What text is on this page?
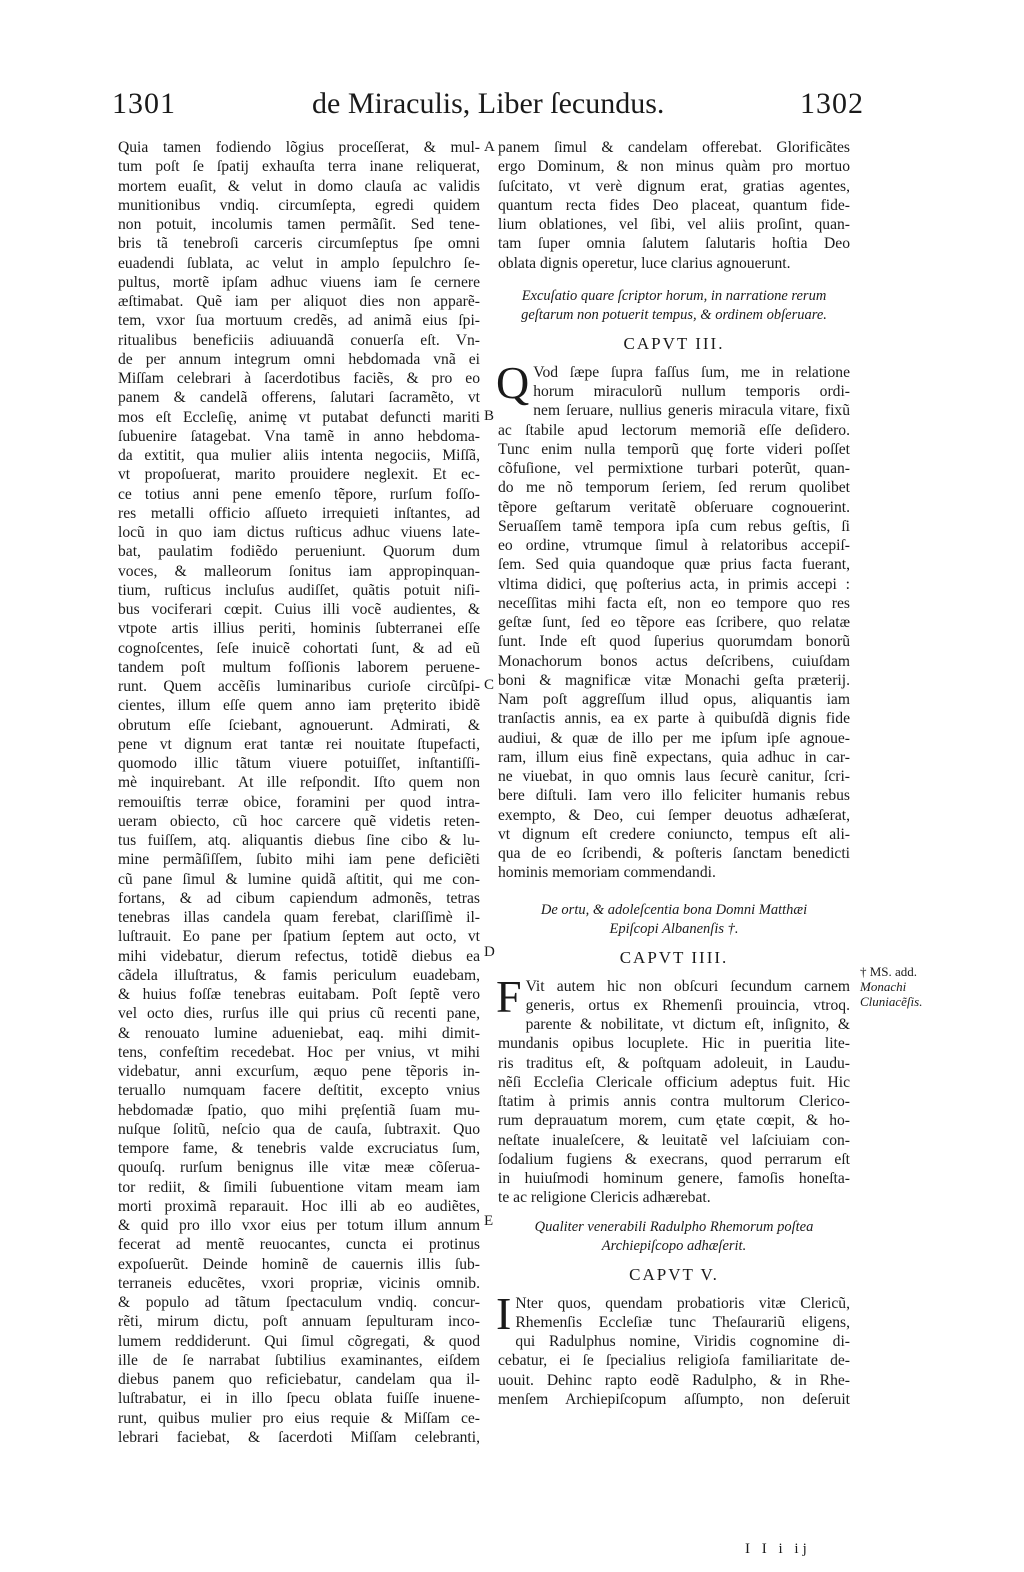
1301	de Miraculis, Liber ſecundus.	1302
A
B
C
D
E
Quia tamen fodiendo lõgius proceſſerat, & mul-
tum poſt ſe ſpatij exhauſta terra inane reliquerat,
mortem euaſit, & velut in domo clauſa ac validis
munitionibus vndiq. circumſepta, egredi quidem
non potuit, incolumis tamen permãſit. Sed tene-
bris tã tenebroſi carceris circumſeptus ſpe omni
euadendi ſublata, ac velut in amplo ſepulchro ſe-
pultus, mortẽ ipſam adhuc viuens iam ſe cernere
æſtimabat. Quẽ iam per aliquot dies non apparẽ-
tem, vxor ſua mortuum credẽs, ad animã eius ſpi-
ritualibus beneficiis adiuuandã conuerſa eſt. Vn-
de per annum integrum omni hebdomada vnã ei
Miſſam celebrari à ſacerdotibus faciẽs, & pro eo
panem & candelã offerens, ſalutari ſacramẽto, vt
mos eſt Eccleſię, animę vt putabat defuncti mariti
ſubuenire ſatagebat. Vna tamẽ in anno hebdoma-
da extitit, qua mulier aliis intenta negociis, Miſſã,
vt propoſuerat, marito prouidere neglexit. Et ec-
ce totius anni pene emenſo tẽpore, rurſum foſſo-
res metalli officio aſſueto irrequieti inſtantes, ad
locũ in quo iam dictus ruſticus adhuc viuens late-
bat, paulatim fodiẽdo perueniunt. Quorum dum
voces, & malleorum ſonitus iam appropinquan-
tium, ruſticus incluſus audiſſet, quãtis potuit niſi-
bus vociferari cœpit. Cuius illi vocẽ audientes, &
vtpote artis illius periti, hominis ſubterranei eſſe
cognoſcentes, ſeſe inuicẽ cohortati ſunt, & ad eũ
tandem poſt multum foſſionis laborem peruene-
runt. Quem accẽſis luminaribus curioſe circũſpi-
cientes, illum eſſe quem anno iam pręterito ibidẽ
obrutum eſſe ſciebant, agnouerunt. Admirati, &
pene vt dignum erat tantæ rei nouitate ſtupefacti,
quomodo illic tãtum viuere potuiſſet, inſtantiſſi-
mè inquirebant. At ille reſpondit. Iſto quem non
remouiſtis terræ obice, foramini per quod intra-
ueram obiecto, cũ hoc carcere quẽ videtis reten-
tus fuiſſem, atq. aliquantis diebus ſine cibo & lu-
mine permãſiſſem, ſubito mihi iam pene deficiẽti
cũ pane ſimul & lumine quidã aſtitit, qui me con-
fortans, & ad cibum capiendum admonẽs, tetras
tenebras illas candela quam ferebat, clariſſimè il-
luſtrauit. Eo pane per ſpatium ſeptem aut octo, vt
mihi videbatur, dierum refectus, totidẽ diebus ea
cãdela illuſtratus, & famis periculum euadebam,
& huius foſſæ tenebras euitabam. Poſt ſeptẽ vero
vel octo dies, rurſus ille qui prius cũ recenti pane,
& renouato lumine adueniebat, eaq. mihi dimit-
tens, confeſtim recedebat. Hoc per vnius, vt mihi
videbatur, anni excurſum, æquo pene tẽporis in-
teruallo numquam facere deſtitit, excepto vnius
hebdomadæ ſpatio, quo mihi pręſentiã ſuam mu-
nuſque ſolitũ, neſcio qua de cauſa, ſubtraxit. Quo
tempore fame, & tenebris valde excruciatus ſum,
quouſq. rurſum benignus ille vitæ meæ cõſerua-
tor rediit, & ſimili ſubuentione vitam meam iam
morti proximã reparauit. Hoc illi ab eo audiẽtes,
& quid pro illo vxor eius per totum illum annum
fecerat ad mentẽ reuocantes, cuncta ei protinus
expoſuerũt. Deinde hominẽ de cauernis illis ſub-
terraneis educẽtes, vxori propriæ, vicinis omnib.
& populo ad tãtum ſpectaculum vndiq. concur-
rẽti, mirum dictu, poſt annuam ſepulturam inco-
lumem reddiderunt. Qui ſimul cõgregati, & quod
ille de ſe narrabat ſubtilius examinantes, eiſdem
diebus panem quo reficiebatur, candelam qua il-
luſtrabatur, ei in illo ſpecu oblata fuiſſe inuene-
runt, quibus mulier pro eius requie & Miſſam ce-
lebrari faciebat, & ſacerdoti Miſſam celebranti,
panem ſimul & candelam offerebat. Glorificãtes
ergo Dominum, & non minus quàm pro mortuo
ſuſcitato, vt verè dignum erat, gratias agentes,
quantum recta fides Deo placeat, quantum fide-
lium oblationes, vel ſibi, vel aliis proſint, quan-
tam ſuper omnia ſalutem ſalutaris hoſtia Deo
oblata dignis operetur, luce clarius agnouerunt.
Excuſatio quare ſcriptor horum, in narratione rerum
geſtarum non potuerit tempus, & ordinem obſeruare.
CAPVT III.
Q Vod ſæpe ſupra faſſus ſum, me in relatione
horum miraculorũ nullum temporis ordi-
nem ſeruare, nullius generis miracula vitare, fixũ
ac ſtabile apud lectorum memoriã eſſe deſidero.
Tunc enim nulla temporũ quę forte videri poſſet
cõfuſione, vel permixtione turbari poterũt, quan-
do me nõ temporum ſeriem, ſed rerum quolibet
tẽpore geſtarum veritatẽ obſeruare cognouerint.
Seruaſſem tamẽ tempora ipſa cum rebus geſtis, ſi
eo ordine, vtrumque ſimul à relatoribus accepiſ-
ſem. Sed quia quandoque quæ prius facta fuerant,
vltima didici, quę poſterius acta, in primis accepi :
neceſſitas mihi facta eſt, non eo tempore quo res
geſtæ ſunt, ſed eo tẽpore eas ſcribere, quo relatæ
ſunt. Inde eſt quod ſuperius quorumdam bonorũ
Monachorum bonos actus deſcribens, cuiuſdam
boni & magnificæ vitæ Monachi geſta præterij.
Nam poſt aggreſſum illud opus, aliquantis iam
tranſactis annis, ea ex parte à quibuſdã dignis fide
audiui, & quæ de illo per me ipſum ipſe agnoue-
ram, illum eius finẽ expectans, quia adhuc in car-
ne viuebat, in quo omnis laus ſecurè canitur, ſcri-
bere diſtuli. Iam vero illo feliciter humanis rebus
exempto, & Deo, cui ſemper deuotus adhæſerat,
vt dignum eſt credere coniuncto, tempus eſt ali-
qua de eo ſcribendi, & poſteris ſanctam benedicti
hominis memoriam commendandi.
De ortu, & adoleſcentia bona Domni Matthæi
Epiſcopi Albanenſis †.
CAPVT IIII.
F Vit autem hic non obſcuri ſecundum carnem
generis, ortus ex Rhemenſi prouincia, vtroq.
parente & nobilitate, vt dictum eſt, inſignito, &
mundanis opibus locuplete. Hic in pueritia lite-
ris traditus eſt, & poſtquam adoleuit, in Laudu-
nẽſi Eccleſia Clericale officium adeptus fuit. Hic
ſtatim à primis annis contra multorum Clerico-
rum deprauatum morem, cum ętate cœpit, & ho-
neſtate inualeſcere, & leuitatẽ vel laſciuiam con-
ſodalium fugiens & execrans, quod perrarum eſt
in huiuſmodi hominum genere, famoſis honeſta-
te ac religione Clericis adhærebat.
Qualiter venerabili Radulpho Rhemorum poſtea
Archiepiſcopo adhæſerit.
CAPVT V.
I Nter quos, quendam probatioris vitæ Clericũ,
Rhemenſis Eccleſiæ tunc Theſaurariũ eligens,
qui Radulphus nomine, Viridis cognomine di-
cebatur, ei ſe ſpecialius religioſa familiaritate de-
uouit. Dehinc rapto eodẽ Radulpho, & in Rhe-
menſem Archiepiſcopum aſſumpto, non deſeruit
† MS. add.
Monachi
Cluniacẽſis.
I I i ij
